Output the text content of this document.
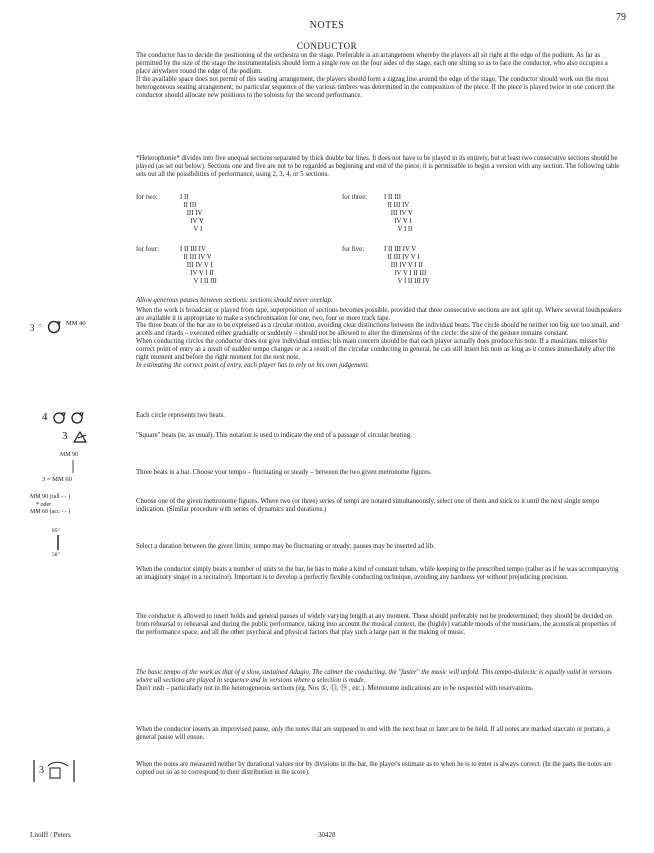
79
NOTES
CONDUCTOR

The conductor has to decide the positioning of the orchestra on the stage. Preferable is an arrangement whereby the players all sit right at the edge of the podium. As far as permitted by the size of the stage the instrumentalists should form a single row on the four sides of the stage, each one sitting so as to face the conductor, who also occupies a place anywhere round the edge of the podium.

If the available space does not permit of this seating arrangement, the players should form a zigzag line around the edge of the stage. The conductor should work out the most heterogeneous seating arrangement; no particular sequence of the various timbres was determined in the composition of the piece. If the piece is played twice in one concert the conductor should allocate new positions to the soloists for the second performance.

*Heterophonie* divides into five unequal sections separated by thick double bar lines. It does not have to be played in its entirety, but at least two consecutive sections should be played (as set out below). Sections one and five are not to be regarded as beginning and end of the piece; it is permissible to begin a version with any section. The following table sets out all the possibilities of performance, using 2, 3, 4, or 5 sections.
for two:	I II
II III
III IV
IV V
V I
for three: I II III
II III IV
III IV V
IV V I
V I II
for four:	I II III IV
II III IV V
III IV V I
IV V I II
V I II III
for five:	I II III IV V
II III IV V I
III IV V I II
IV V I II III
V I II III IV
Allow generous pauses between sections: sections should never overlap.
When the work is broadcast or played from tape, superposition of sections becomes possible, provided that three consecutive sections are not split up. Where several loudspeakers are available it is appropriate to make a synchronisation for one, two, four or more track tape.
3 =	MM 40	The three beats of the bar are to be expressed as a circular motion, avoiding clear distinctions between the individual beats. The circle should be neither too big nor too small, and accels and ritards – executed either gradually or suddenly – should not be allowed to alter the dimensions of the circle: the size of the gesture remains constant.

When conducting circles the conductor does not give individual entries; his main concern should be that each player actually does produce his note. If a musicians misses his correct point of entry as a result of sudden tempo changes or as a result of the circular conducting in general, he can still insert his note as long as it comes immediately after the right moment and before the right moment for the next note.

In estimating the correct point of entry, each player has to rely on his own judgement.

4	Each circle represents two beats.
3	"Square" beats (ie, as usual). This notation is used to indicate the end of a passage of circular beating.
MM 90
3 = MM 60
Three beats in a bar. Choose your tempo – fluctuating or steady – between the two given metronome figures.
MM 90 (rall - - )
* oder
MM 60 (acc - - )
Choose one of the given mettronome figures. Where two (or three) series of tempi are notated simultaneously, select one of them and stick to it until the next single tempo indication. (Similar procedure with series of dynamics and durations.)
85"
58"
Select a duration between the given limits; tempo may be fluctuating or steady; pauses may be inserted ad lib.
When the conductor simply beats a number of units to the bar, he has to make a kind of constant tubato, while keeping to the prescribed tempo (rather as if he was accompanying an imaginary singer in a recitative). Important is to develop a perfectly flexible conducting technique, avoiding any hardness yet without prejudicing precision.
The conductor is allowed to insert holds and general pauses of widely varying length at any moment. These should preferably not be predetermined; they should be decided on from rehearsal to rehearsal and during the public performance, taking into account the musical context, the (highly) variable moods of the musicians, the acoustical properties of the performance space, and all the other psychical and physical factors that play such a large part in the making of music.

The basic tempo of the work as that of a slow, sustained Adagio. The calmer the conducting, the "faster" the music will unfold. This tempo-dialectic is equally valid in versions where all sections are played in sequence and in versions where a selection is made.

Don't rush – particularly not in the heterogeneous sections (eg. Nos ①, ⑬, ⑲ , etc.). Metronome indications are to be respected with reservations.

When the conductor inserts an improvised pause, only the notes that are supposed to end with the next beat or later are to be held. If all notes are marked staccato or portato, a general pause will ensue.
3
When the notes are measured neither by durational values nor by divisions in the bar, the player's estimate as to when he is to enter is always correct. (In the parts the notes are copied out so as to correspond to their distribution in the score).
Litolff / Peters	30428
